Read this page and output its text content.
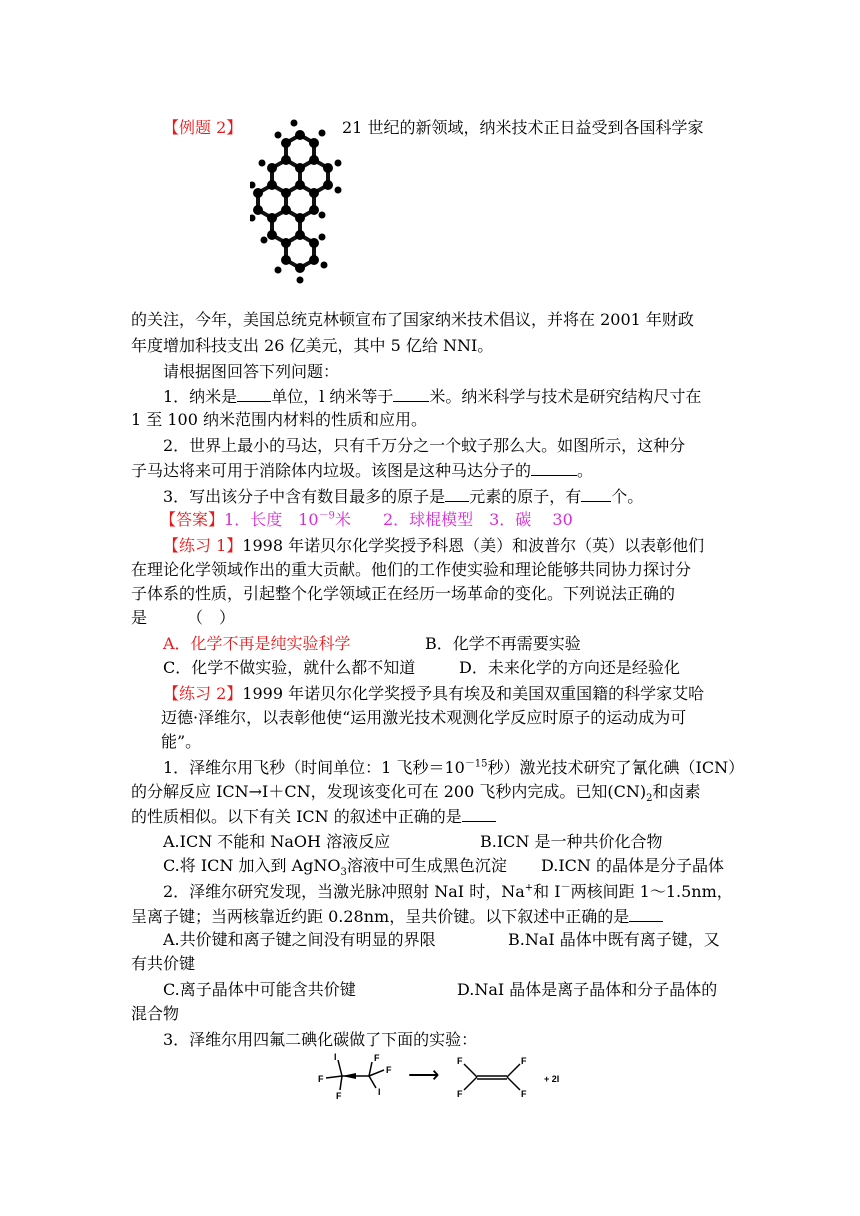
【例题 2】	21 世纪的新领域，纳米技术正日益受到各国科学家
的关注，今年，美国总统克林顿宣布了国家纳米技术倡议，并将在 2001 年财政
年度增加科技支出 26 亿美元，其中 5 亿给 NNI。
请根据图回答下列问题：
1．纳米是 单位，l 纳米等于 米。纳米科学与技术是研究结构尺寸在
1 至 100 纳米范围内材料的性质和应用。
2．世界上最小的马达，只有千万分之一个蚊子那么大。如图所示，这种分
子马达将来可用于消除体内垃圾。该图是这种马达分子的	。
3．写出该分子中含有数目最多的原子是 元素的原子，有 个。
【答案】1．长度　$10^{-9}$米　　2．球棍模型　3．碳　 30
【练习 1】1998 年诺贝尔化学奖授予科恩（美）和波普尔（英）以表彰他们
在理论化学领域作出的重大贡献。他们的工作使实验和理论能够共同协力探讨分
子体系的性质，引起整个化学领域正在经历一场革命的变化。下列说法正确的
是　　　（　）
A．化学不再是纯实验科学	B．化学不再需要实验
C．化学不做实验，就什么都不知道	D．未来化学的方向还是经验化
【练习 2】1999 年诺贝尔化学奖授予具有埃及和美国双重国籍的科学家艾哈
迈德·泽维尔，以表彰他使“运用激光技术观测化学反应时原子的运动成为可
能”。
1．泽维尔用飞秒（时间单位：1 飞秒$=10^{-15}$秒）激光技术研究了氰化碘（ICN）
的分解反应 ICN→I＋CN，发现该变化可在 200 飞秒内完成。已知$(CN)_2$和卤素
的性质相似。以下有关 ICN 的叙述中正确的是
A.ICN 不能和 NaOH 溶液反应	B.ICN 是一种共价化合物
C.将 ICN 加入到 AgNO$_3$溶液中可生成黑色沉淀 D.ICN 的晶体是分子晶体
2．泽维尔研究发现，当激光脉冲照射 NaI 时，Na+和 I－两核间距 1～1.5nm，
呈离子键；当两核靠近约距 0.28nm，呈共价键。以下叙述中正确的是
A.共价键和离子键之间没有明显的界限	B.NaI 晶体中既有离子键，又
有共价键
C.离子晶体中可能含共价键	D.NaI 晶体是离子晶体和分子晶体的
混合物
3．泽维尔用四氟二碘化碳做了下面的实验：
I
F
F
F
F
I
⟶
F
F
F
F
+ 2I
